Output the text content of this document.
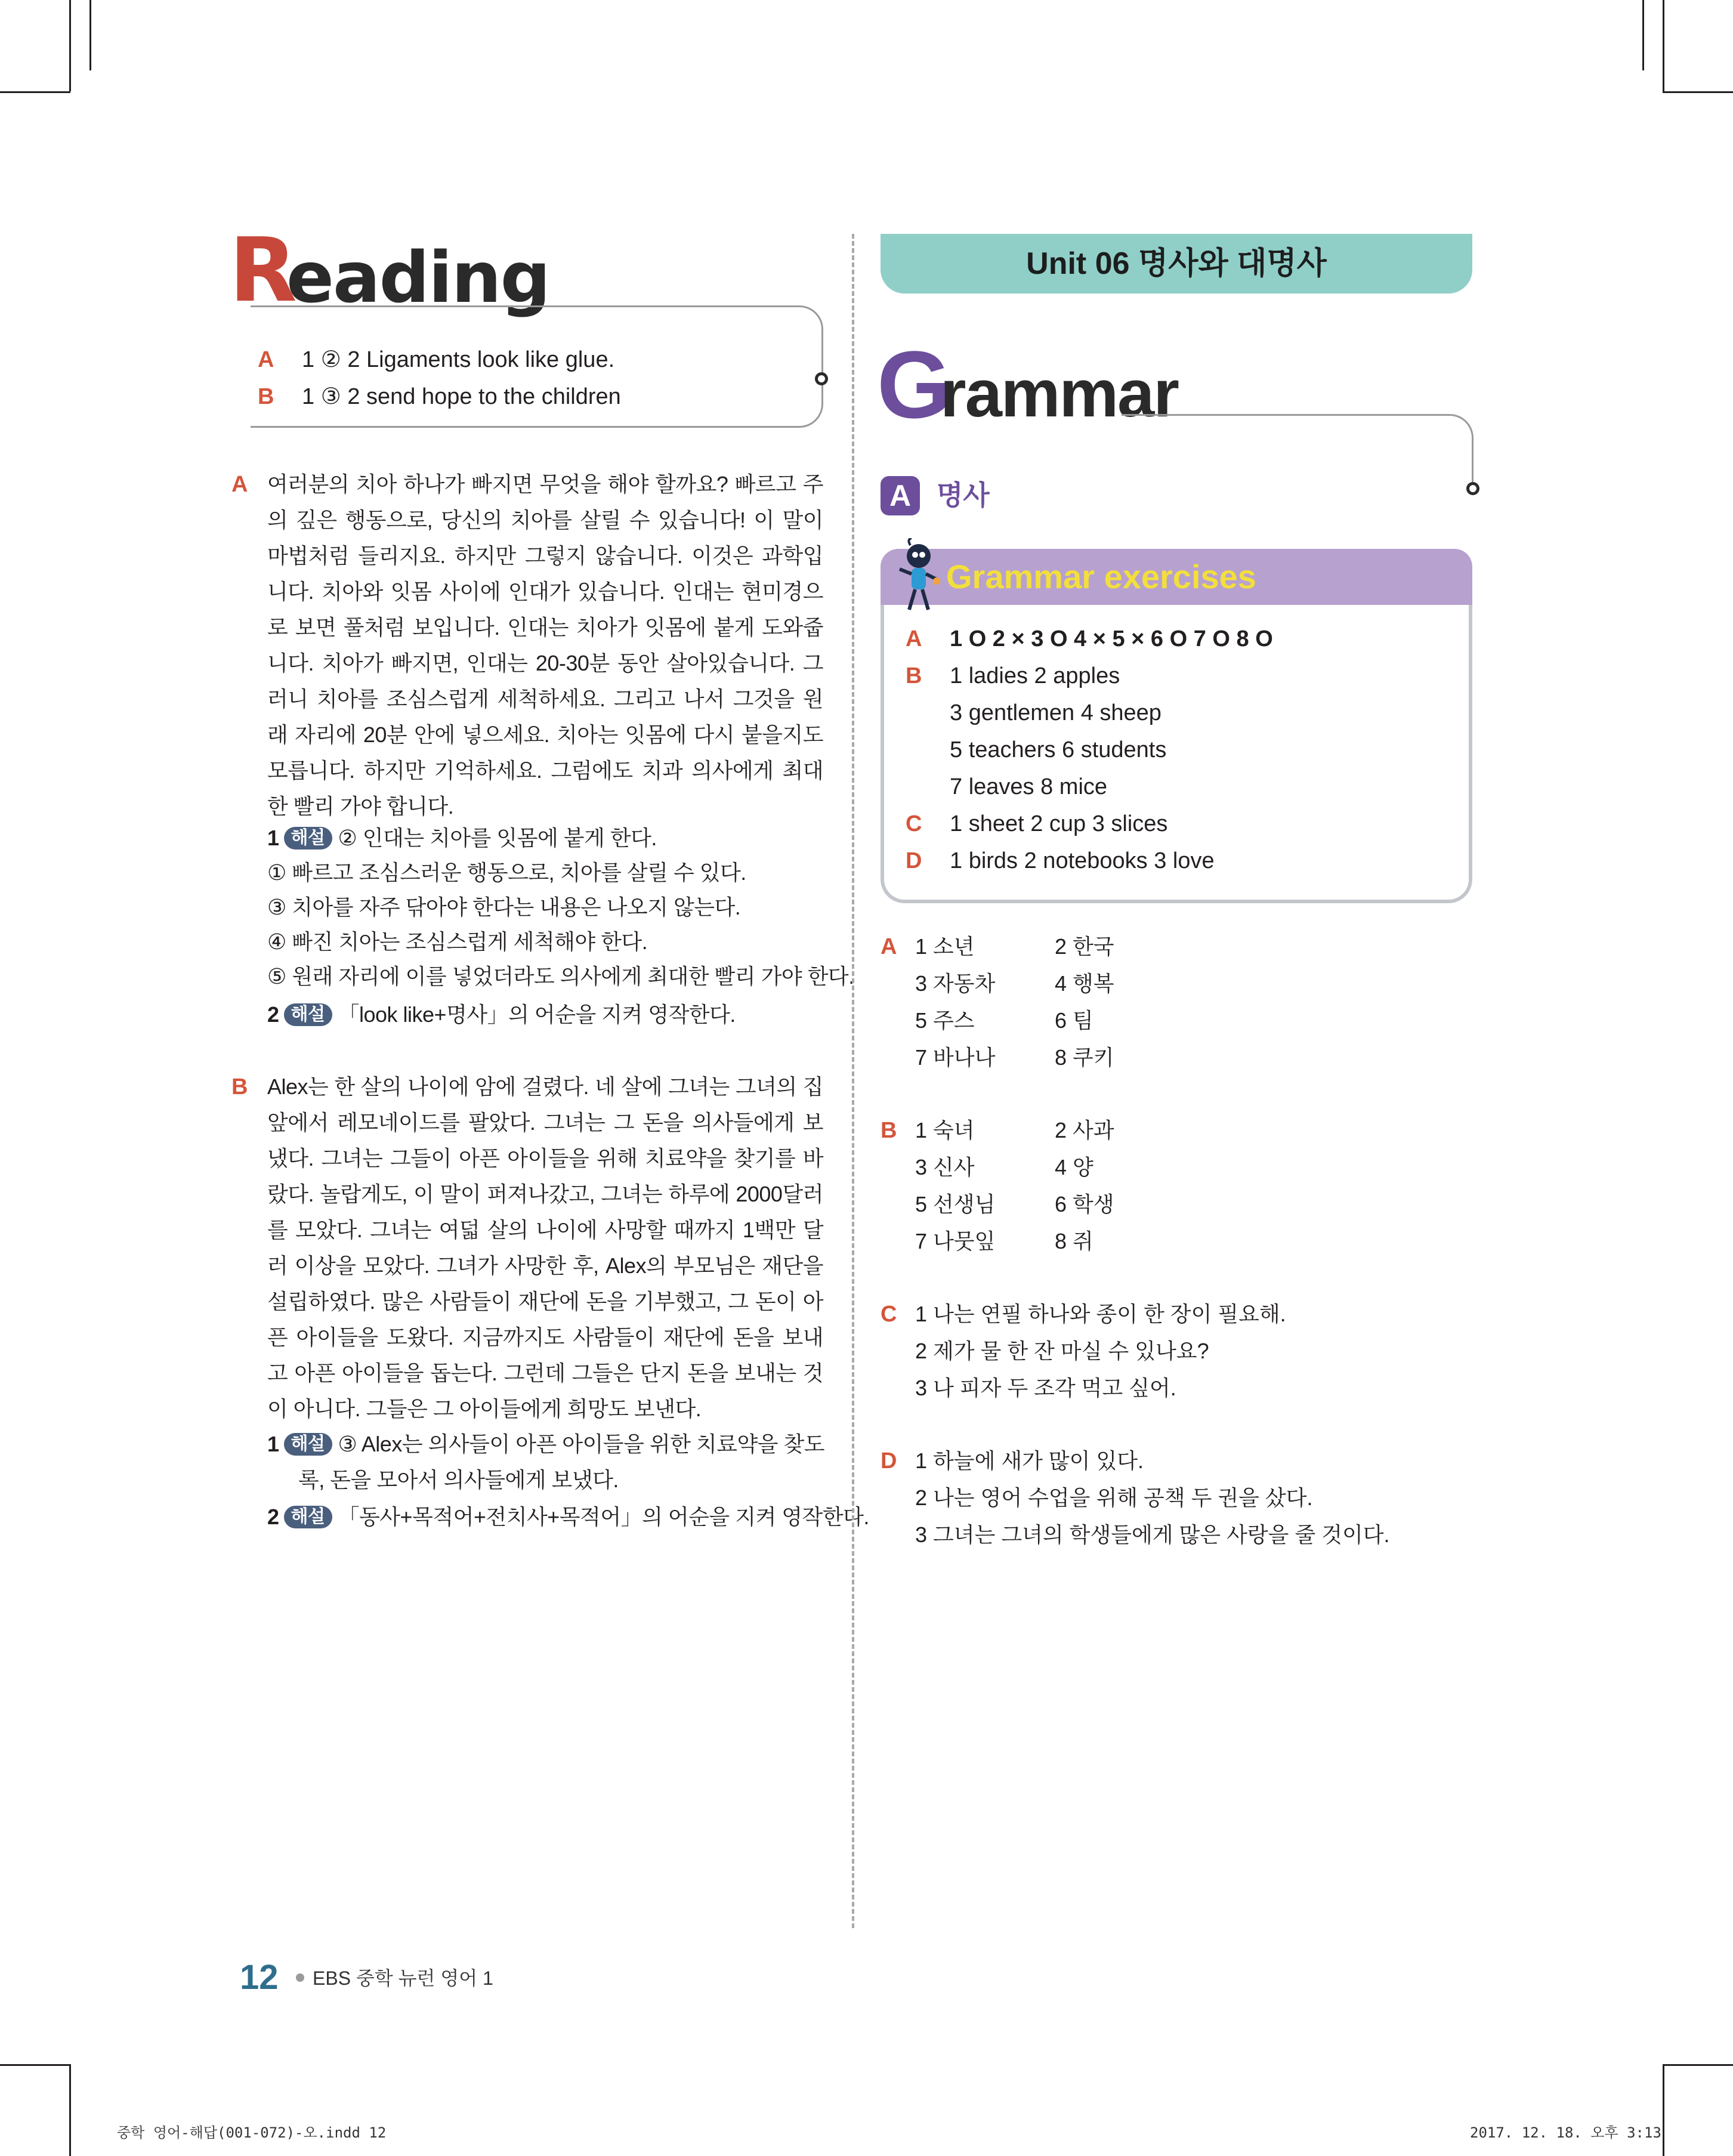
R
eading
A 1 ② 2 Ligaments look like glue.
B 1 ③ 2 send hope to the children
A 여러분의 치아 하나가 빠지면 무엇을 해야 할까요? 빠르고 주의 깊은 행동으로, 당신의 치아를 살릴 수 있습니다! 이 말이 마법처럼 들리지요. 하지만 그렇지 않습니다. 이것은 과학입니다. 치아와 잇몸 사이에 인대가 있습니다. 인대는 현미경으로 보면 풀처럼 보입니다. 인대는 치아가 잇몸에 붙게 도와줍니다. 치아가 빠지면, 인대는 20-30분 동안 살아있습니다. 그러니 치아를 조심스럽게 세척하세요. 그리고 나서 그것을 원래 자리에 20분 안에 넣으세요. 치아는 잇몸에 다시 붙을지도 모릅니다. 하지만 기억하세요. 그럼에도 치과 의사에게 최대한 빨리 가야 합니다.
1 해설 ② 인대는 치아를 잇몸에 붙게 한다.
① 빠르고 조심스러운 행동으로, 치아를 살릴 수 있다.
③ 치아를 자주 닦아야 한다는 내용은 나오지 않는다.
④ 빠진 치아는 조심스럽게 세척해야 한다.
⑤ 원래 자리에 이를 넣었더라도 의사에게 최대한 빨리 가야 한다.
2 해설 「look like+명사」의 어순을 지켜 영작한다.
B Alex는 한 살의 나이에 암에 걸렸다. 네 살에 그녀는 그녀의 집 앞에서 레모네이드를 팔았다. 그녀는 그 돈을 의사들에게 보냈다. 그녀는 그들이 아픈 아이들을 위해 치료약을 찾기를 바랐다. 놀랍게도, 이 말이 퍼져나갔고, 그녀는 하루에 2000달러를 모았다. 그녀는 여덟 살의 나이에 사망할 때까지 1백만 달러 이상을 모았다. 그녀가 사망한 후, Alex의 부모님은 재단을 설립하였다. 많은 사람들이 재단에 돈을 기부했고, 그 돈이 아픈 아이들을 도왔다. 지금까지도 사람들이 재단에 돈을 보내고 아픈 아이들을 돕는다. 그런데 그들은 단지 돈을 보내는 것이 아니다. 그들은 그 아이들에게 희망도 보낸다.
1 해설 ③ Alex는 의사들이 아픈 아이들을 위한 치료약을 찾도
록, 돈을 모아서 의사들에게 보냈다.
2 해설 「동사+목적어+전치사+목적어」의 어순을 지켜 영작한다.
Unit 06 명사와 대명사
G
rammar
A 명사
Grammar exercises
A 1 O 2 × 3 O 4 × 5 × 6 O 7 O 8 O
B 1 ladies 2 apples
3 gentlemen 4 sheep
5 teachers 6 students
7 leaves 8 mice
C 1 sheet 2 cup 3 slices
D 1 birds 2 notebooks 3 love
A 1 소년
3 자동차
5 주스
7 바나나
2 한국
4 행복
6 팀
8 쿠키
B 1 숙녀
3 신사
5 선생님
7 나뭇잎
2 사과
4 양
6 학생
8 쥐
C 1 나는 연필 하나와 종이 한 장이 필요해.
2 제가 물 한 잔 마실 수 있나요?
3 나 피자 두 조각 먹고 싶어.
D 1 하늘에 새가 많이 있다.
2 나는 영어 수업을 위해 공책 두 권을 샀다.
3 그녀는 그녀의 학생들에게 많은 사랑을 줄 것이다.
12 EBS 중학 뉴런 영어 1
중학 영어-해답(001-072)-오.indd 12	2017. 12. 18. 오후 3:13
